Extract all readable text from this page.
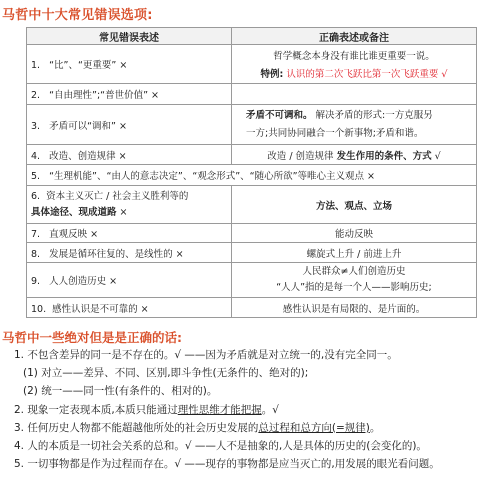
马哲中十大常见错误选项:
常见错误表述	正确表述或备注
1. “比”、“更重要” ×	哲学概念本身没有谁比谁更重要一说。
特例: 认识的第二次飞跃比第一次飞跃重要 √

2. “自由理性”;“普世价值” ×	
3. 矛盾可以“调和” ×	矛盾不可调和。 解决矛盾的形式:一方克服另
一方;共同协同融合一个新事物;矛盾和谐。

4. 改造、创造规律 ×	改造 / 创造规律 发生作用的条件、方式 √
5. “生理机能”、“由人的意志决定”、“观念形式”、“随心所欲”等唯心主义观点 ×	

6. 资本主义灭亡 / 社会主义胜利等的
具体途径、现成道路 ×	方法、观点、立场
7. 直观反映 ×	能动反映
8. 发展是循环往复的、是线性的 ×	螺旋式上升 / 前进上升
9. 人人创造历史 ×	人民群众≠人们创造历史
“人人”指的是每一个人——影响历史;

10. 感性认识是不可靠的 ×	感性认识是有局限的、是片面的。
马哲中一些绝对但是是正确的话:
1. 不包含差异的同一是不存在的。√ ——因为矛盾就是对立统一的,没有完全同一。
(1) 对立——差异、不同、区别,即斗争性(无条件的、绝对的);
(2) 统一——同一性(有条件的、相对的)。
2. 现象一定表现本质,本质只能通过理性思维才能把握。√
3. 任何历史人物都不能超越他所处的社会历史发展的总过程和总方向(=规律)。
4. 人的本质是一切社会关系的总和。√ ——人不是抽象的,人是具体的历史的(会变化的)。
5. 一切事物都是作为过程而存在。√ ——现存的事物都是应当灭亡的,用发展的眼光看问题。
